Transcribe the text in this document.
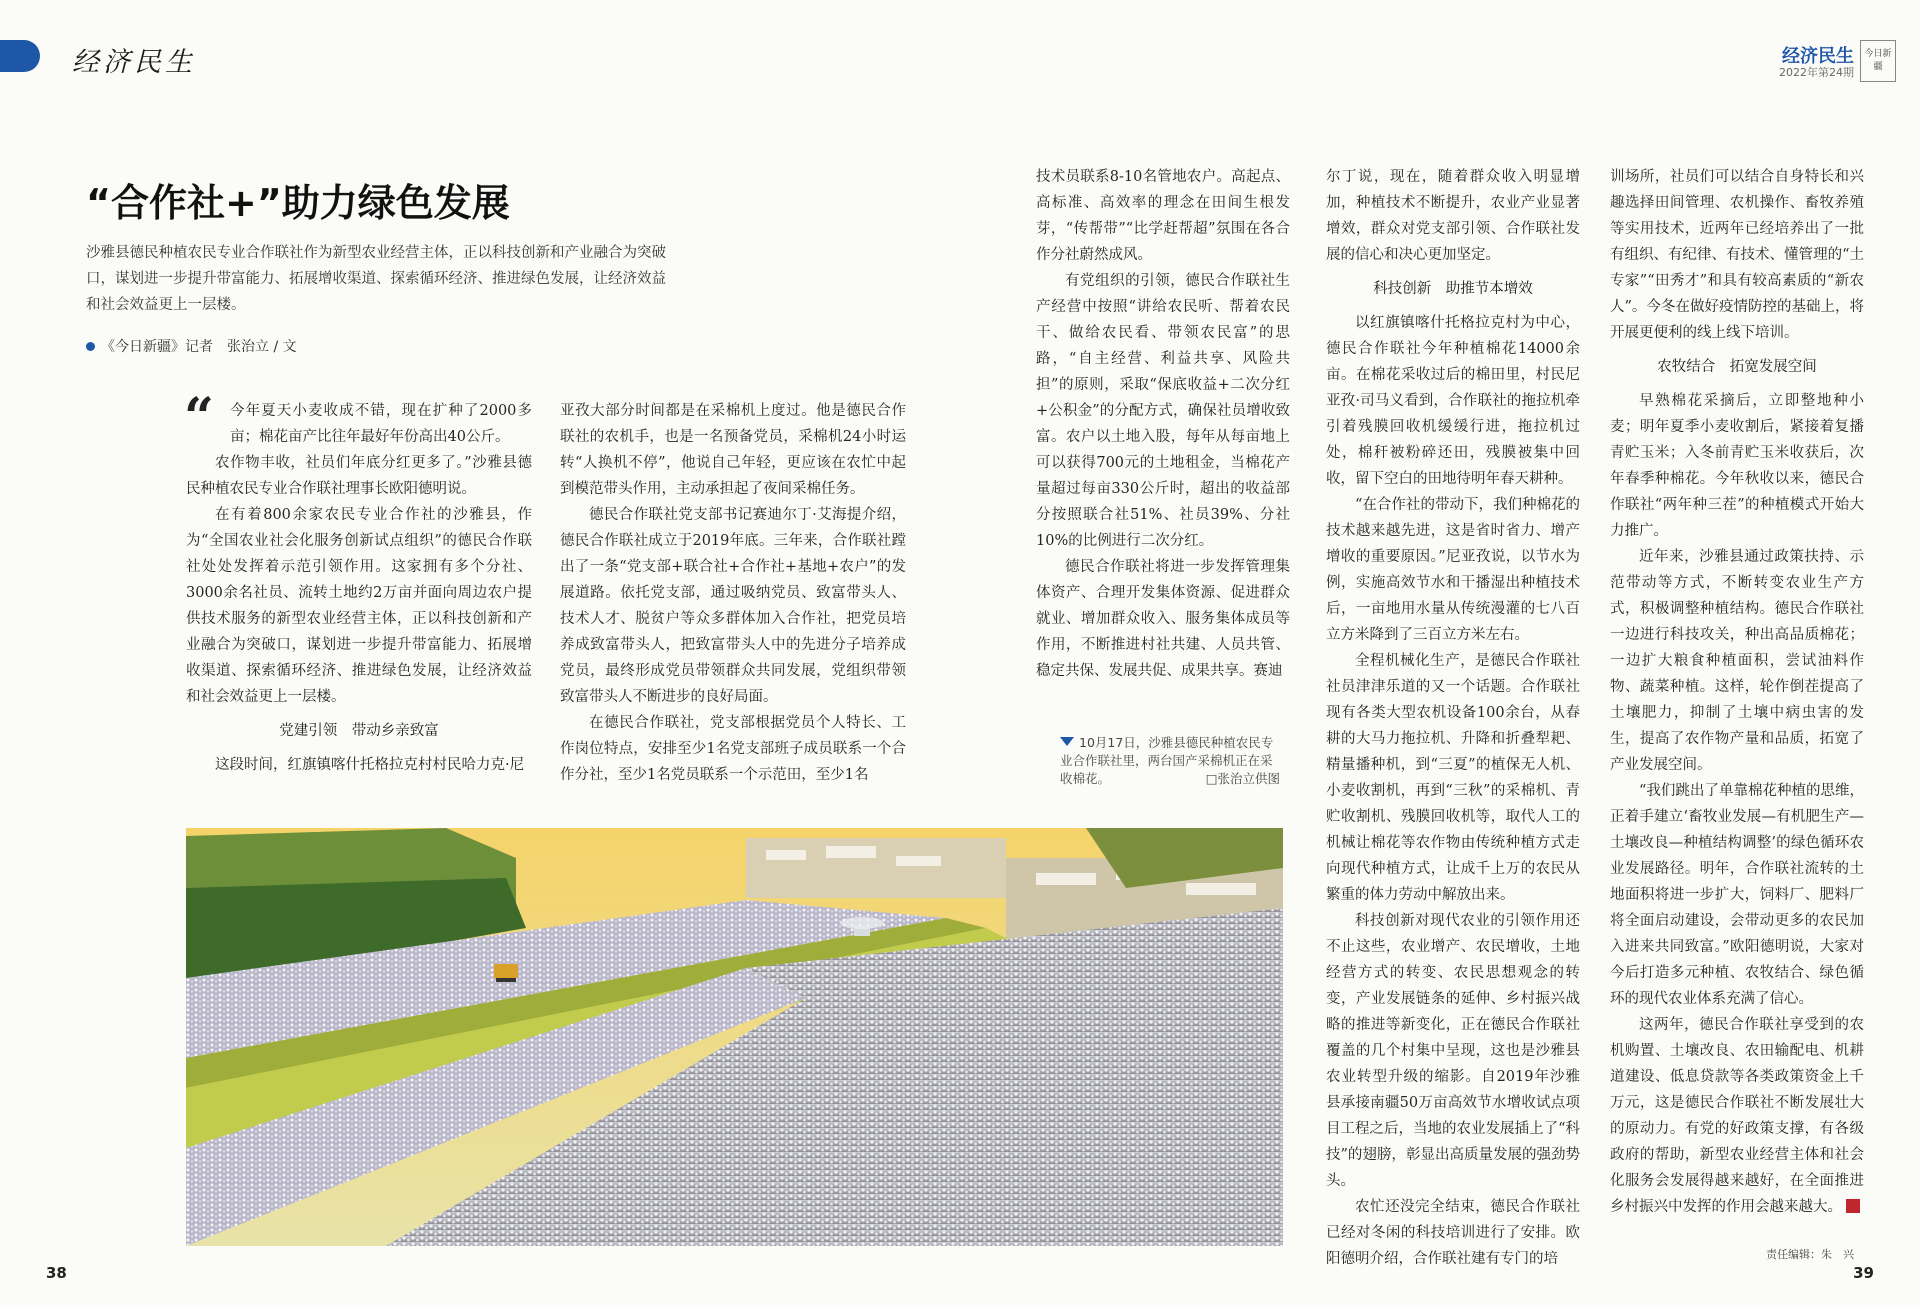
经济民生	经济民生
2022年第24期
今日新疆
“合作社+”助力绿色发展
沙雅县德民种植农民专业合作联社作为新型农业经营主体，正以科技创新和产业融合为突破口，谋划进一步提升带富能力、拓展增收渠道、探索循环经济、推进绿色发展，让经济效益和社会效益更上一层楼。
《今日新疆》记者　张治立 / 文
“	今年夏天小麦收成不错，现在扩种了2000多亩；棉花亩产比往年最好年份高出40公斤。

农作物丰收，社员们年底分红更多了。”沙雅县德民种植农民专业合作联社理事长欧阳德明说。

在有着800余家农民专业合作社的沙雅县，作为“全国农业社会化服务创新试点组织”的德民合作联社处处发挥着示范引领作用。这家拥有多个分社、3000余名社员、流转土地约2万亩并面向周边农户提供技术服务的新型农业经营主体，正以科技创新和产业融合为突破口，谋划进一步提升带富能力、拓展增收渠道、探索循环经济、推进绿色发展，让经济效益和社会效益更上一层楼。

党建引领　带动乡亲致富

这段时间，红旗镇喀什托格拉克村村民哈力克·尼

亚孜大部分时间都是在采棉机上度过。他是德民合作联社的农机手，也是一名预备党员，采棉机24小时运转“人换机不停”，他说自己年轻，更应该在农忙中起到模范带头作用，主动承担起了夜间采棉任务。

德民合作联社党支部书记赛迪尔丁·艾海提介绍，德民合作联社成立于2019年底。三年来，合作联社蹚出了一条“党支部+联合社+合作社+基地+农户”的发展道路。依托党支部，通过吸纳党员、致富带头人、技术人才、脱贫户等众多群体加入合作社，把党员培养成致富带头人，把致富带头人中的先进分子培养成党员，最终形成党员带领群众共同发展，党组织带领致富带头人不断进步的良好局面。

在德民合作联社，党支部根据党员个人特长、工作岗位特点，安排至少1名党支部班子成员联系一个合作分社，至少1名党员联系一个示范田，至少1名

技术员联系8-10名管地农户。高起点、高标准、高效率的理念在田间生根发芽，“传帮带”“比学赶帮超”氛围在各合作分社蔚然成风。

有党组织的引领，德民合作联社生产经营中按照“讲给农民听、帮着农民干、做给农民看、带领农民富”的思路，“自主经营、利益共享、风险共担”的原则，采取“保底收益+二次分红+公积金”的分配方式，确保社员增收致富。农户以土地入股，每年从每亩地上可以获得700元的土地租金，当棉花产量超过每亩330公斤时，超出的收益部分按照联合社51%、社员39%、分社10%的比例进行二次分红。

德民合作联社将进一步发挥管理集体资产、合理开发集体资源、促进群众就业、增加群众收入、服务集体成员等作用，不断推进村社共建、人员共管、稳定共保、发展共促、成果共享。赛迪

10月17日，沙雅县德民种植农民专业合作联社里，两台国产采棉机正在采收棉花。	□张治立供图

尔丁说，现在，随着群众收入明显增加，种植技术不断提升，农业产业显著增效，群众对党支部引领、合作联社发展的信心和决心更加坚定。

科技创新　助推节本增效

以红旗镇喀什托格拉克村为中心，德民合作联社今年种植棉花14000余亩。在棉花采收过后的棉田里，村民尼亚孜·司马义看到，合作联社的拖拉机牵引着残膜回收机缓缓行进，拖拉机过处，棉秆被粉碎还田，残膜被集中回收，留下空白的田地待明年春天耕种。

“在合作社的带动下，我们种棉花的技术越来越先进，这是省时省力、增产增收的重要原因。”尼亚孜说，以节水为例，实施高效节水和干播湿出种植技术后，一亩地用水量从传统漫灌的七八百立方米降到了三百立方米左右。

全程机械化生产，是德民合作联社社员津津乐道的又一个话题。合作联社现有各类大型农机设备100余台，从春耕的大马力拖拉机、升降和折叠犁耙、精量播种机，到“三夏”的植保无人机、小麦收割机，再到“三秋”的采棉机、青贮收割机、残膜回收机等，取代人工的机械让棉花等农作物由传统种植方式走向现代种植方式，让成千上万的农民从繁重的体力劳动中解放出来。

科技创新对现代农业的引领作用还不止这些，农业增产、农民增收，土地经营方式的转变、农民思想观念的转变，产业发展链条的延伸、乡村振兴战略的推进等新变化，正在德民合作联社覆盖的几个村集中呈现，这也是沙雅县农业转型升级的缩影。自2019年沙雅县承接南疆50万亩高效节水增收试点项目工程之后，当地的农业发展插上了“科技”的翅膀，彰显出高质量发展的强劲势头。

农忙还没完全结束，德民合作联社已经对冬闲的科技培训进行了安排。欧阳德明介绍，合作联社建有专门的培

训场所，社员们可以结合自身特长和兴趣选择田间管理、农机操作、畜牧养殖等实用技术，近两年已经培养出了一批有组织、有纪律、有技术、懂管理的“土专家”“田秀才”和具有较高素质的“新农人”。今冬在做好疫情防控的基础上，将开展更便利的线上线下培训。

农牧结合　拓宽发展空间

早熟棉花采摘后，立即整地种小麦；明年夏季小麦收割后，紧接着复播青贮玉米；入冬前青贮玉米收获后，次年春季种棉花。今年秋收以来，德民合作联社“两年种三茬”的种植模式开始大力推广。

近年来，沙雅县通过政策扶持、示范带动等方式，不断转变农业生产方式，积极调整种植结构。德民合作联社一边进行科技攻关，种出高品质棉花；一边扩大粮食种植面积，尝试油料作物、蔬菜种植。这样，轮作倒茬提高了土壤肥力，抑制了土壤中病虫害的发生，提高了农作物产量和品质，拓宽了产业发展空间。

“我们跳出了单靠棉花种植的思维，正着手建立‘畜牧业发展—有机肥生产—土壤改良—种植结构调整’的绿色循环农业发展路径。明年，合作联社流转的土地面积将进一步扩大，饲料厂、肥料厂将全面启动建设，会带动更多的农民加入进来共同致富。”欧阳德明说，大家对今后打造多元种植、农牧结合、绿色循环的现代农业体系充满了信心。

这两年，德民合作联社享受到的农机购置、土壤改良、农田输配电、机耕道建设、低息贷款等各类政策资金上千万元，这是德民合作联社不断发展壮大的原动力。有党的好政策支撑，有各级政府的帮助，新型农业经营主体和社会化服务会发展得越来越好，在全面推进乡村振兴中发挥的作用会越来越大。

38
责任编辑：朱　兴
39
